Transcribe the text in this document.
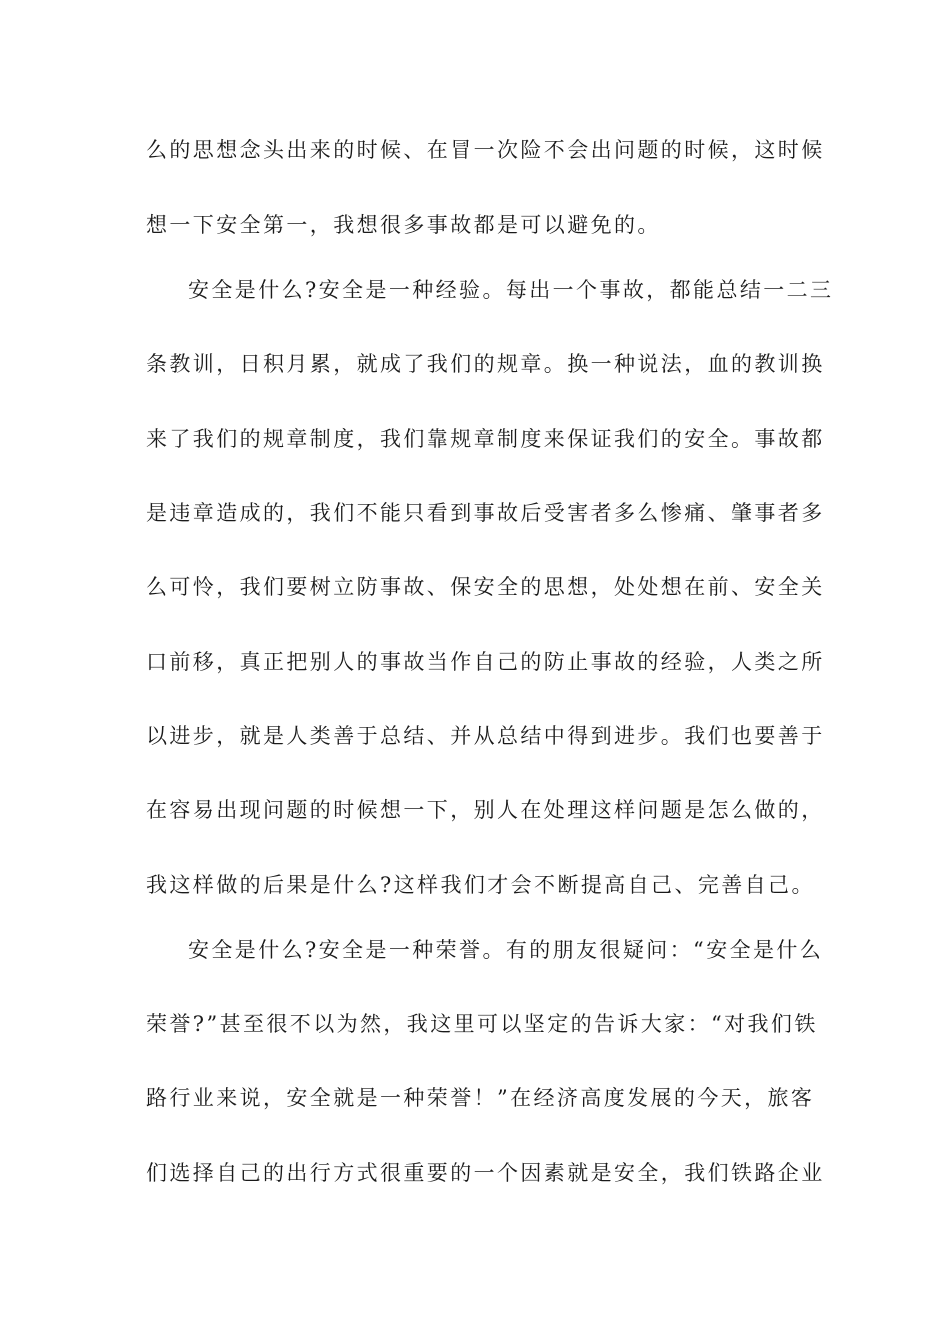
么的思想念头出来的时候、在冒一次险不会出问题的时候，这时候
想一下安全第一，我想很多事故都是可以避免的。
安全是什么?安全是一种经验。每出一个事故，都能总结一二三
条教训，日积月累，就成了我们的规章。换一种说法，血的教训换
来了我们的规章制度，我们靠规章制度来保证我们的安全。事故都
是违章造成的，我们不能只看到事故后受害者多么惨痛、肇事者多
么可怜，我们要树立防事故、保安全的思想，处处想在前、安全关
口前移，真正把别人的事故当作自己的防止事故的经验，人类之所
以进步，就是人类善于总结、并从总结中得到进步。我们也要善于
在容易出现问题的时候想一下，别人在处理这样问题是怎么做的，
我这样做的后果是什么?这样我们才会不断提高自己、完善自己。
安全是什么?安全是一种荣誉。有的朋友很疑问：“安全是什么
荣誉?”甚至很不以为然，我这里可以坚定的告诉大家：“对我们铁
路行业来说，安全就是一种荣誉！”在经济高度发展的今天，旅客
们选择自己的出行方式很重要的一个因素就是安全，我们铁路企业
